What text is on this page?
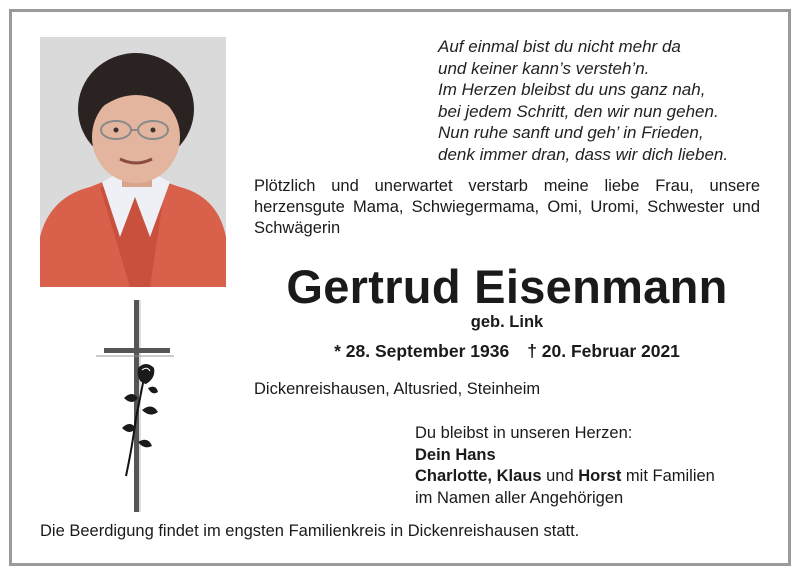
Auf einmal bist du nicht mehr da
und keiner kann’s versteh’n.
Im Herzen bleibst du uns ganz nah,
bei jedem Schritt, den wir nun gehen.
Nun ruhe sanft und geh’ in Frieden,
denk immer dran, dass wir dich lieben.
Plötzlich und unerwartet verstarb meine liebe Frau, unsere herzensgute Mama, Schwiegermama, Omi, Uromi, Schwester und Schwägerin
Gertrud Eisenmann
geb. Link
* 28. September 1936 † 20. Februar 2021
Dickenreishausen, Altusried, Steinheim
Du bleibst in unseren Herzen:
Dein Hans
Charlotte, Klaus und Horst mit Familien
im Namen aller Angehörigen
Die Beerdigung findet im engsten Familienkreis in Dickenreishausen statt.
